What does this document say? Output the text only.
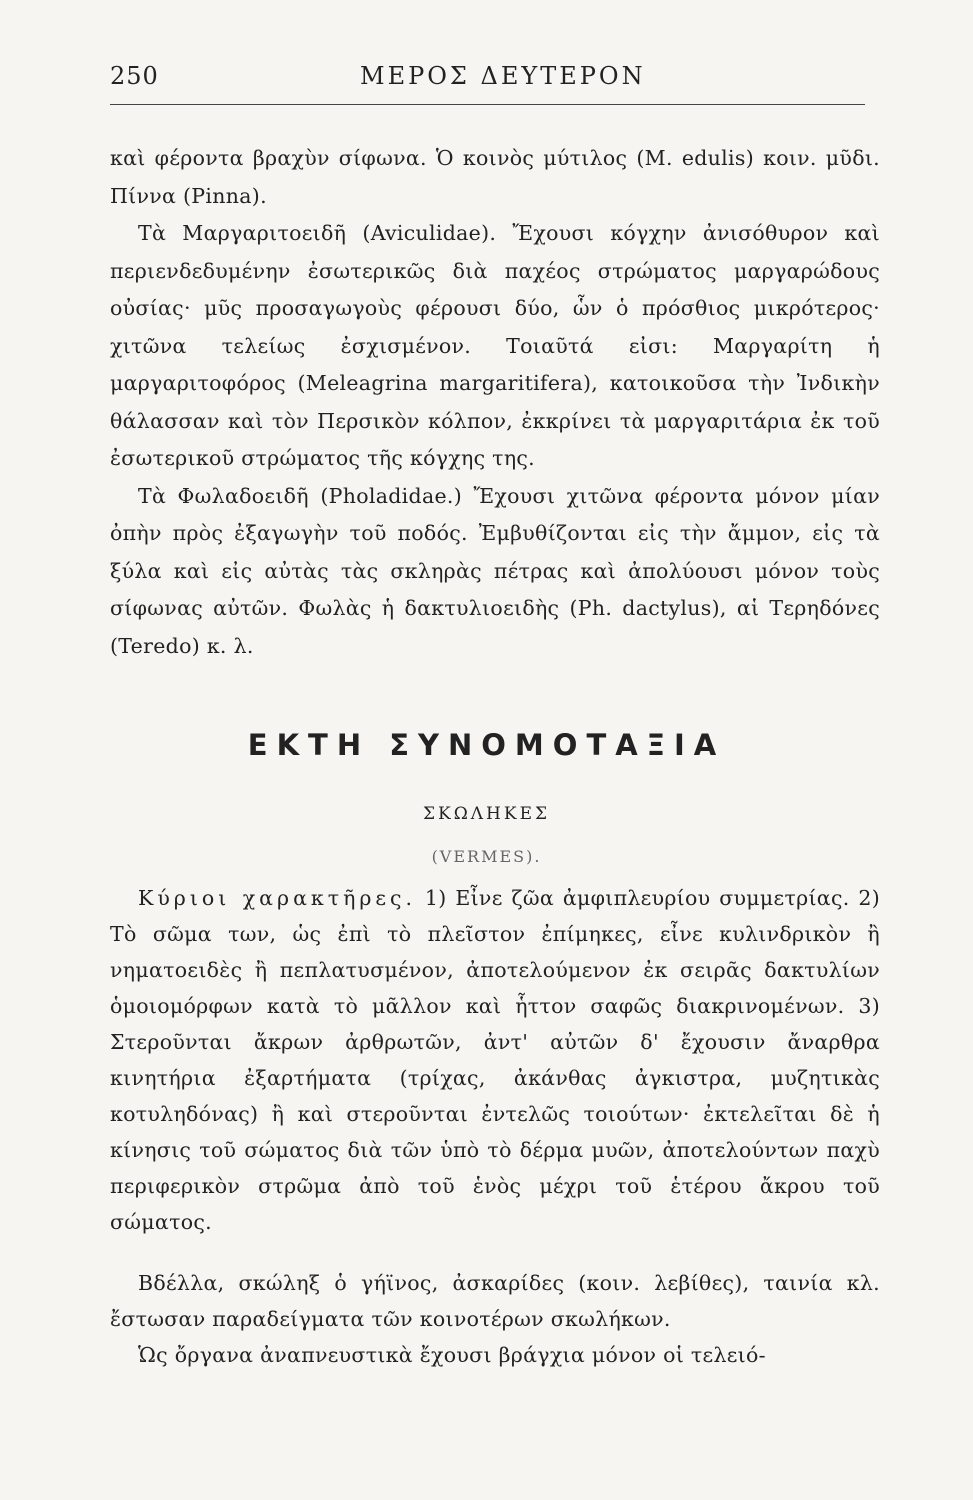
250	ΜΕΡΟΣ ΔΕΥΤΕΡΟΝ

καὶ φέροντα βραχὺν σίφωνα. Ὁ κοινὸς μύτιλος (M. edulis) κοιν. μῦδι. Πίννα (Pinna).

Τὰ Μαργαριτοειδῆ (Aviculidae). Ἔχουσι κόγχην ἀνισόθυρον καὶ περιενδεδυμένην ἐσωτερικῶς διὰ παχέος στρώματος μαργαρώδους οὐσίας· μῦς προσαγωγοὺς φέρουσι δύο, ὧν ὁ πρόσθιος μικρότερος· χιτῶνα τελείως ἐσχισμένον. Τοιαῦτά εἰσι: Μαργαρίτη ἡ μαργαριτοφόρος (Meleagrina margaritifera), κατοικοῦσα τὴν Ἰνδικὴν θάλασσαν καὶ τὸν Περσικὸν κόλπον, ἐκκρίνει τὰ μαργαριτάρια ἐκ τοῦ ἐσωτερικοῦ στρώματος τῆς κόγχης της.

Τὰ Φωλαδοειδῆ (Pholadidae.) Ἔχουσι χιτῶνα φέροντα μόνον μίαν ὀπὴν πρὸς ἐξαγωγὴν τοῦ ποδός. Ἐμβυθίζονται εἰς τὴν ἄμμον, εἰς τὰ ξύλα καὶ εἰς αὐτὰς τὰς σκληρὰς πέτρας καὶ ἀπολύουσι μόνον τοὺς σίφωνας αὐτῶν. Φωλὰς ἡ δακτυλιοειδὴς (Ph. dactylus), αἱ Τερηδόνες (Teredo) κ. λ.

ΕΚΤΗ ΣΥΝΟΜΟΤΑΞΙΑ
ΣΚΩΛΗΚΕΣ
(VERMES).

Κύριοι χαρακτῆρες. 1) Εἶνε ζῶα ἀμφιπλευρίου συμμετρίας. 2) Τὸ σῶμα των, ὡς ἐπὶ τὸ πλεῖστον ἐπίμηκες, εἶνε κυλινδρικὸν ἢ νηματοειδὲς ἢ πεπλατυσμένον, ἀποτελούμενον ἐκ σειρᾶς δακτυλίων ὁμοιομόρφων κατὰ τὸ μᾶλλον καὶ ἧττον σαφῶς διακρινομένων. 3) Στεροῦνται ἄκρων ἀρθρωτῶν, ἀντ' αὐτῶν δ' ἔχουσιν ἄναρθρα κινητήρια ἐξαρτήματα (τρίχας, ἀκάνθας ἀγκιστρα, μυζητικὰς κοτυληδόνας) ἢ καὶ στεροῦνται ἐντελῶς τοιούτων· ἐκτελεῖται δὲ ἡ κίνησις τοῦ σώματος διὰ τῶν ὑπὸ τὸ δέρμα μυῶν, ἀποτελούντων παχὺ περιφερικὸν στρῶμα ἀπὸ τοῦ ἑνὸς μέχρι τοῦ ἑτέρου ἄκρου τοῦ σώματος.

Βδέλλα, σκώληξ ὁ γήϊνος, ἀσκαρίδες (κοιν. λεβίθες), ταινία κλ. ἔστωσαν παραδείγματα τῶν κοινοτέρων σκωλήκων.

Ὡς ὄργανα ἀναπνευστικὰ ἔχουσι βράγχια μόνον οἱ τελειό-
